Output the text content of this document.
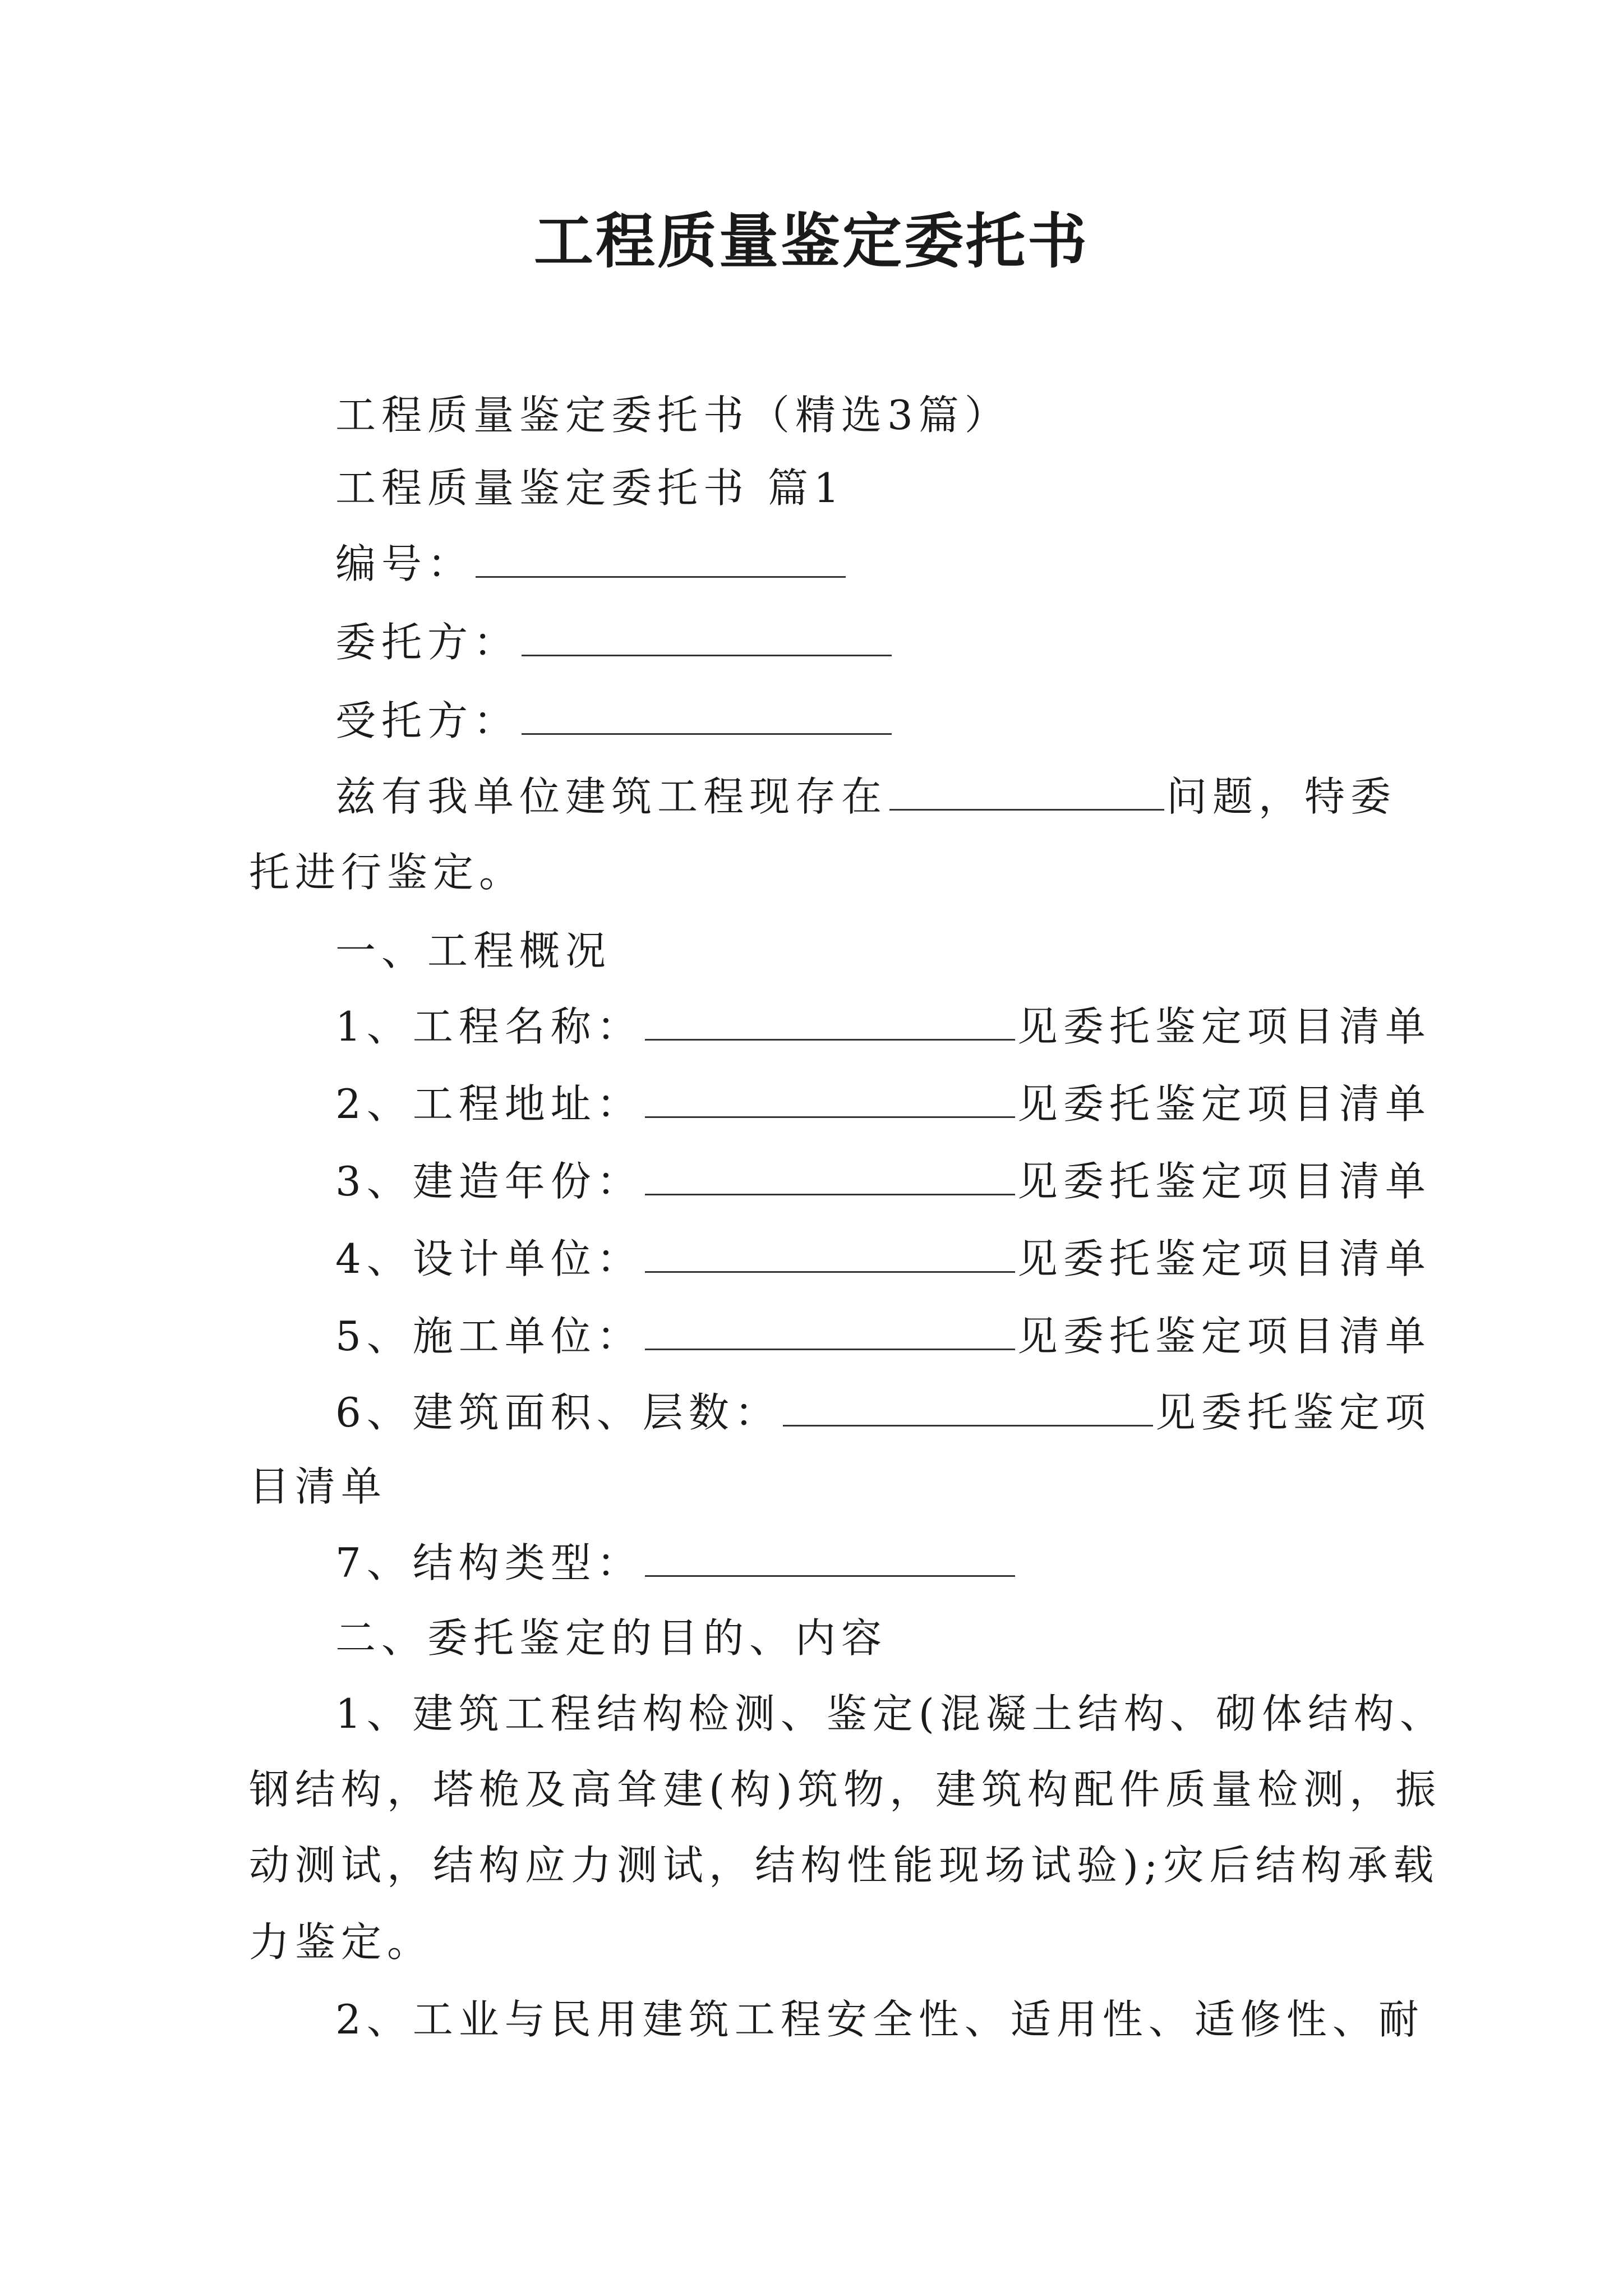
工程质量鉴定委托书
工程质量鉴定委托书（精选3篇）
工程质量鉴定委托书 篇1
编号：
委托方：
受托方：
兹有我单位建筑工程现存在	问题，特委
托进行鉴定。
一、工程概况
1、工程名称：	见委托鉴定项目清单
2、工程地址：	见委托鉴定项目清单
3、建造年份：	见委托鉴定项目清单
4、设计单位：	见委托鉴定项目清单
5、施工单位：	见委托鉴定项目清单
6、建筑面积、层数：	见委托鉴定项
目清单
7、结构类型：
二、委托鉴定的目的、内容
1、建筑工程结构检测、鉴定(混凝土结构、砌体结构、
钢结构，塔桅及高耸建(构)筑物，建筑构配件质量检测，振
动测试，结构应力测试，结构性能现场试验);灾后结构承载
力鉴定。
2、工业与民用建筑工程安全性、适用性、适修性、耐
